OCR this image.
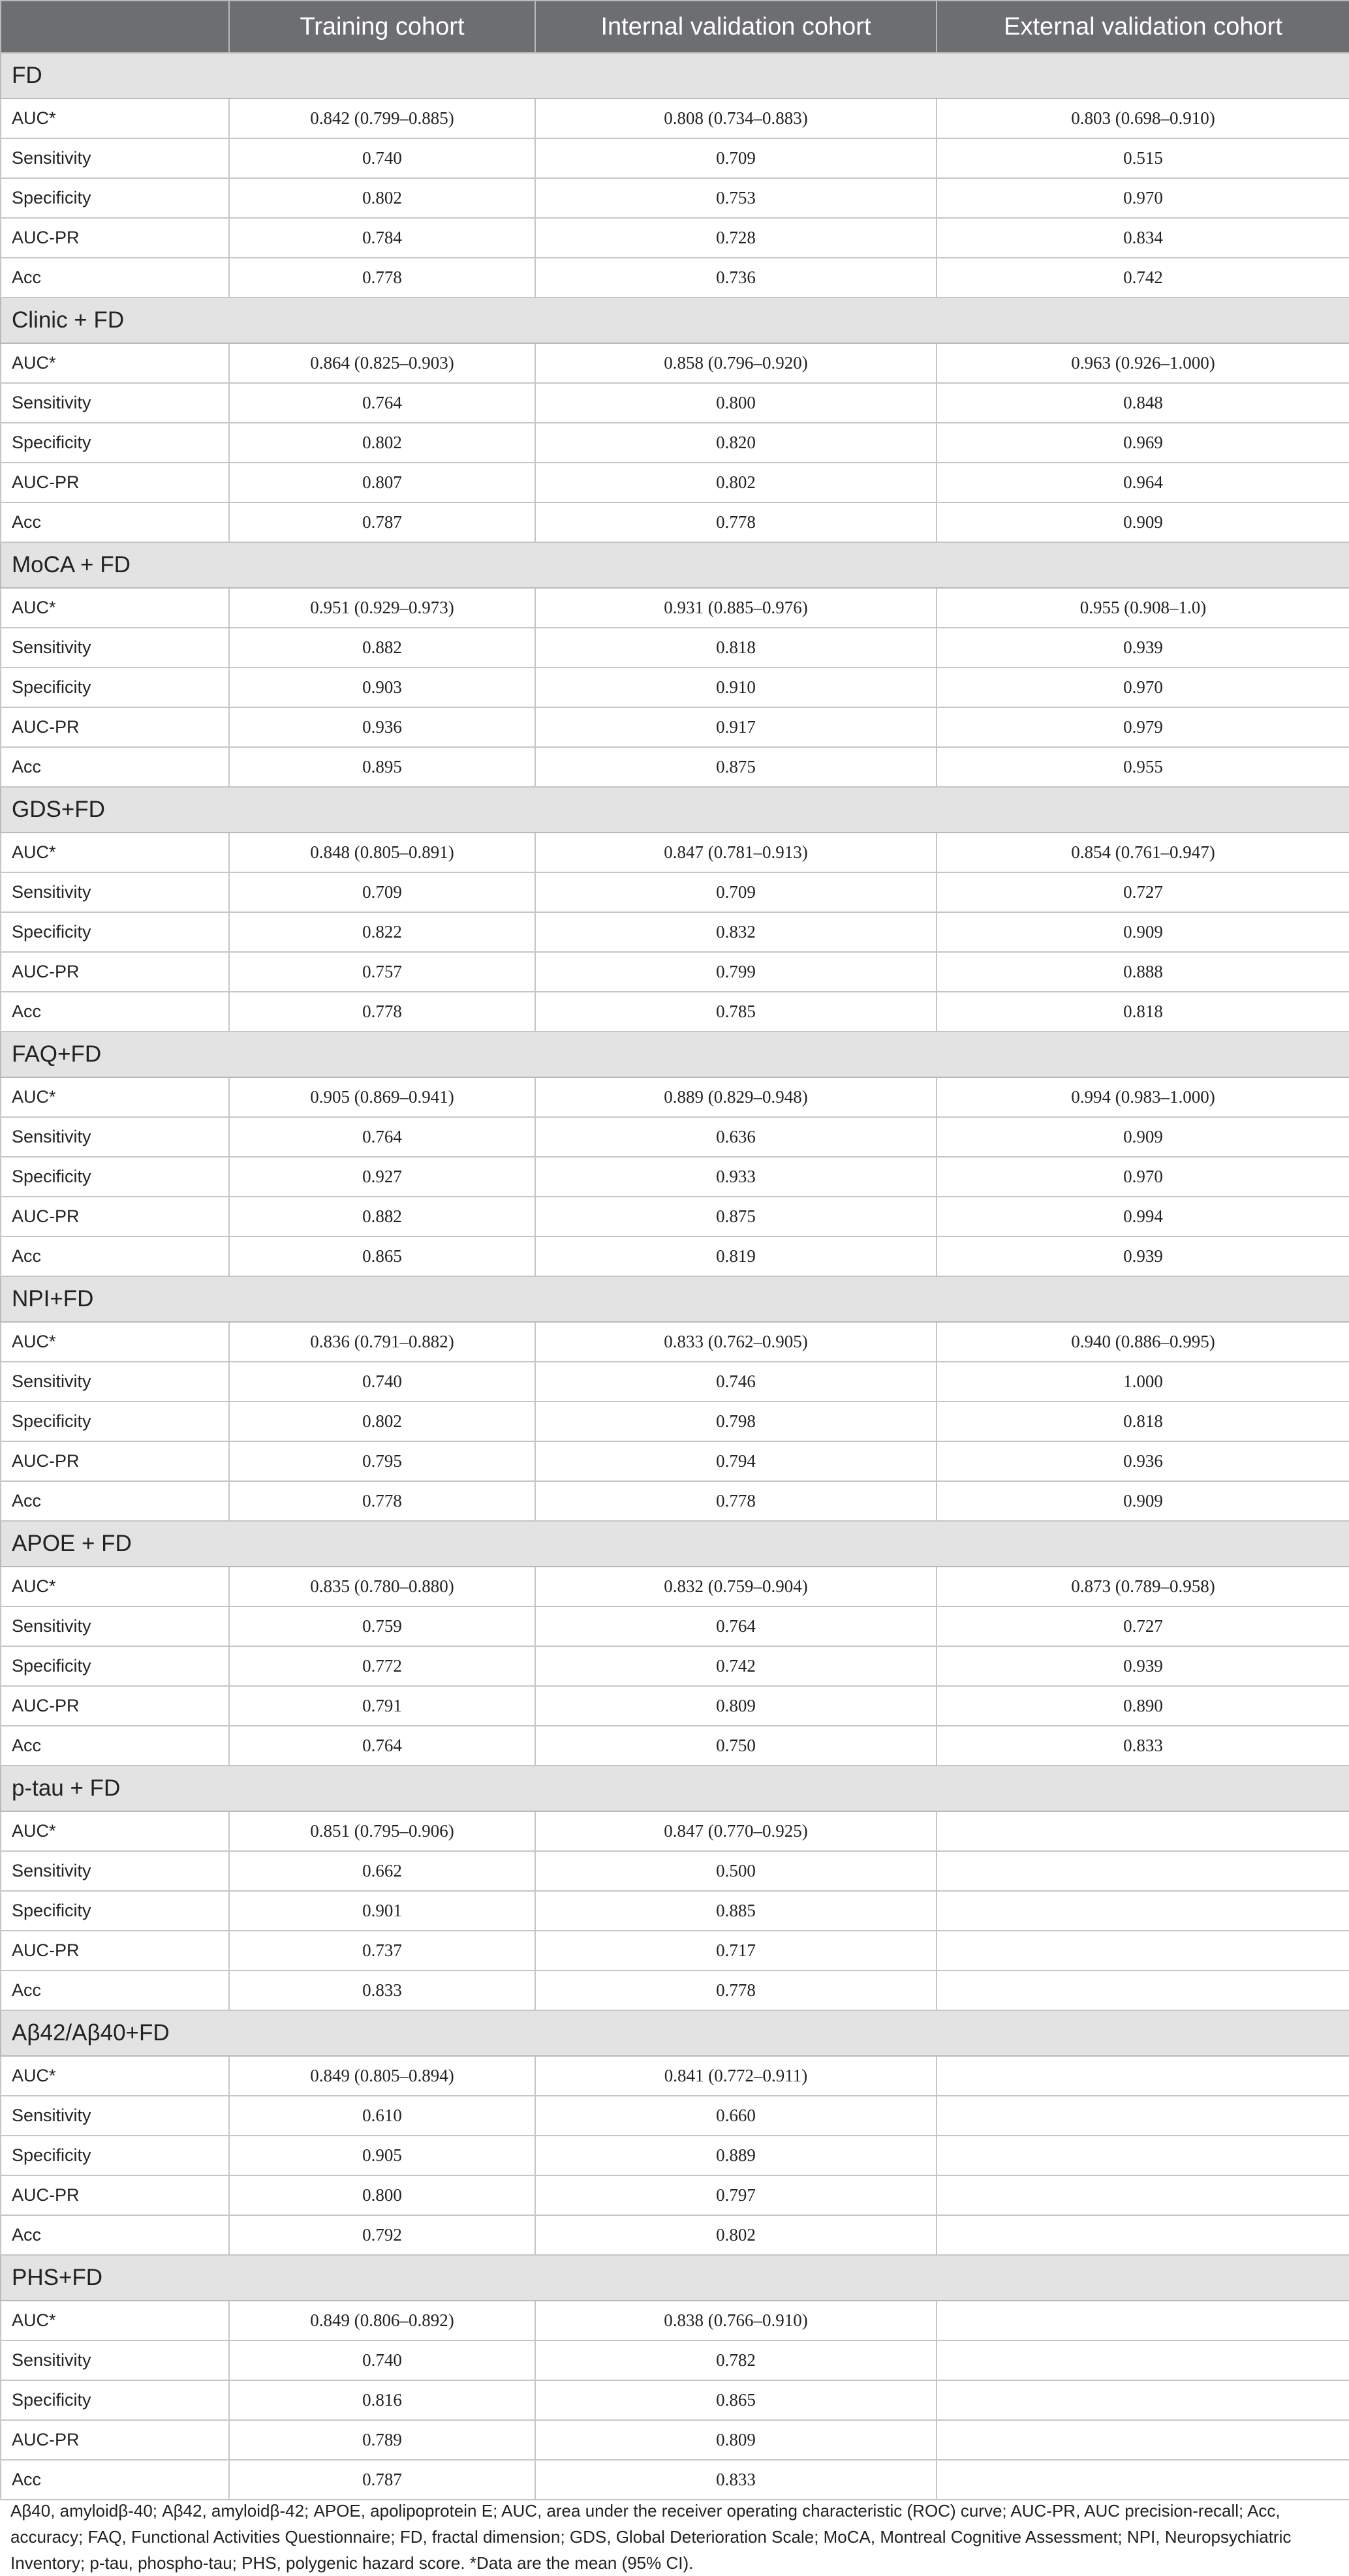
	Training cohort	Internal validation cohort	External validation cohort
FD			
AUC*	0.842 (0.799–0.885)	0.808 (0.734–0.883)	0.803 (0.698–0.910)
Sensitivity	0.740	0.709	0.515
Specificity	0.802	0.753	0.970
AUC-PR	0.784	0.728	0.834
Acc	0.778	0.736	0.742
Clinic + FD			
AUC*	0.864 (0.825–0.903)	0.858 (0.796–0.920)	0.963 (0.926–1.000)
Sensitivity	0.764	0.800	0.848
Specificity	0.802	0.820	0.969
AUC-PR	0.807	0.802	0.964
Acc	0.787	0.778	0.909
MoCA + FD			
AUC*	0.951 (0.929–0.973)	0.931 (0.885–0.976)	0.955 (0.908–1.0)
Sensitivity	0.882	0.818	0.939
Specificity	0.903	0.910	0.970
AUC-PR	0.936	0.917	0.979
Acc	0.895	0.875	0.955
GDS+FD			
AUC*	0.848 (0.805–0.891)	0.847 (0.781–0.913)	0.854 (0.761–0.947)
Sensitivity	0.709	0.709	0.727
Specificity	0.822	0.832	0.909
AUC-PR	0.757	0.799	0.888
Acc	0.778	0.785	0.818
FAQ+FD			
AUC*	0.905 (0.869–0.941)	0.889 (0.829–0.948)	0.994 (0.983–1.000)
Sensitivity	0.764	0.636	0.909
Specificity	0.927	0.933	0.970
AUC-PR	0.882	0.875	0.994
Acc	0.865	0.819	0.939
NPI+FD			
AUC*	0.836 (0.791–0.882)	0.833 (0.762–0.905)	0.940 (0.886–0.995)
Sensitivity	0.740	0.746	1.000
Specificity	0.802	0.798	0.818
AUC-PR	0.795	0.794	0.936
Acc	0.778	0.778	0.909
APOE + FD			
AUC*	0.835 (0.780–0.880)	0.832 (0.759–0.904)	0.873 (0.789–0.958)
Sensitivity	0.759	0.764	0.727
Specificity	0.772	0.742	0.939
AUC-PR	0.791	0.809	0.890
Acc	0.764	0.750	0.833
p-tau + FD			
AUC*	0.851 (0.795–0.906)	0.847 (0.770–0.925)	
Sensitivity	0.662	0.500	
Specificity	0.901	0.885	
AUC-PR	0.737	0.717	
Acc	0.833	0.778	
Aβ42/Aβ40+FD			
AUC*	0.849 (0.805–0.894)	0.841 (0.772–0.911)	
Sensitivity	0.610	0.660	
Specificity	0.905	0.889	
AUC-PR	0.800	0.797	
Acc	0.792	0.802	
PHS+FD			
AUC*	0.849 (0.806–0.892)	0.838 (0.766–0.910)	
Sensitivity	0.740	0.782	
Specificity	0.816	0.865	
AUC-PR	0.789	0.809	
Acc	0.787	0.833	
Aβ40, amyloidβ-40; Aβ42, amyloidβ-42; APOE, apolipoprotein E; AUC, area under the receiver operating characteristic (ROC) curve; AUC-PR, AUC precision-recall; Acc, accuracy; FAQ, Functional Activities Questionnaire; FD, fractal dimension; GDS, Global Deterioration Scale; MoCA, Montreal Cognitive Assessment; NPI, Neuropsychiatric Inventory; p-tau, phospho-tau; PHS, polygenic hazard score. *Data are the mean (95% CI).
